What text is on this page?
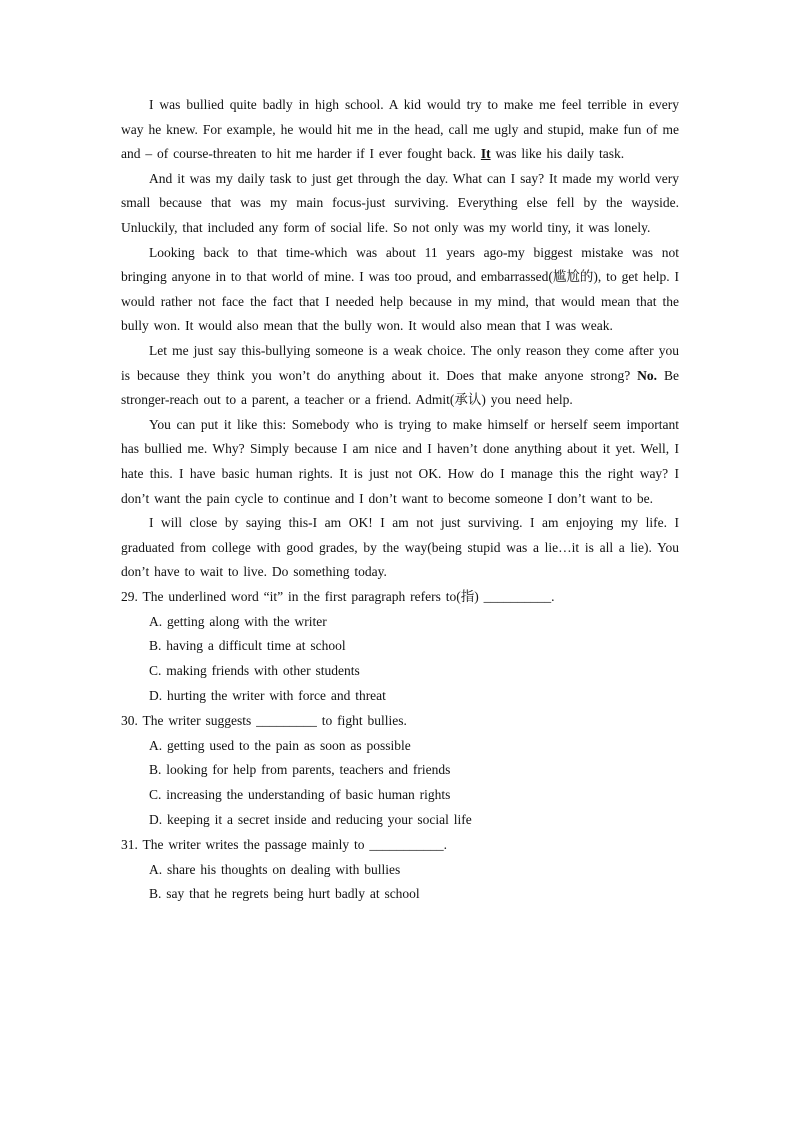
I was bullied quite badly in high school. A kid would try to make me feel terrible in every way he knew. For example, he would hit me in the head, call me ugly and stupid, make fun of me and – of course-threaten to hit me harder if I ever fought back. It was like his daily task.

And it was my daily task to just get through the day. What can I say? It made my world very small because that was my main focus-just surviving. Everything else fell by the wayside. Unluckily, that included any form of social life. So not only was my world tiny, it was lonely.

Looking back to that time-which was about 11 years ago-my biggest mistake was not bringing anyone in to that world of mine. I was too proud, and embarrassed(尴尬的), to get help. I would rather not face the fact that I needed help because in my mind, that would mean that the bully won. It would also mean that the bully won. It would also mean that I was weak.

Let me just say this-bullying someone is a weak choice. The only reason they come after you is because they think you won’t do anything about it. Does that make anyone strong? No. Be stronger-reach out to a parent, a teacher or a friend. Admit(承认) you need help.

You can put it like this: Somebody who is trying to make himself or herself seem important has bullied me. Why? Simply because I am nice and I haven’t done anything about it yet. Well, I hate this. I have basic human rights. It is just not OK. How do I manage this the right way? I don’t want the pain cycle to continue and I don’t want to become someone I don’t want to be.

I will close by saying this-I am OK! I am not just surviving. I am enjoying my life. I graduated from college with good grades, by the way(being stupid was a lie…it is all a lie). You don’t have to wait to live. Do something today.

29. The underlined word “it” in the first paragraph refers to(指) __________.

A. getting along with the writer

B. having a difficult time at school

C. making friends with other students

D. hurting the writer with force and threat

30. The writer suggests _________ to fight bullies.

A. getting used to the pain as soon as possible

B. looking for help from parents, teachers and friends

C. increasing the understanding of basic human rights

D. keeping it a secret inside and reducing your social life

31. The writer writes the passage mainly to ___________.

A. share his thoughts on dealing with bullies

B. say that he regrets being hurt badly at school
